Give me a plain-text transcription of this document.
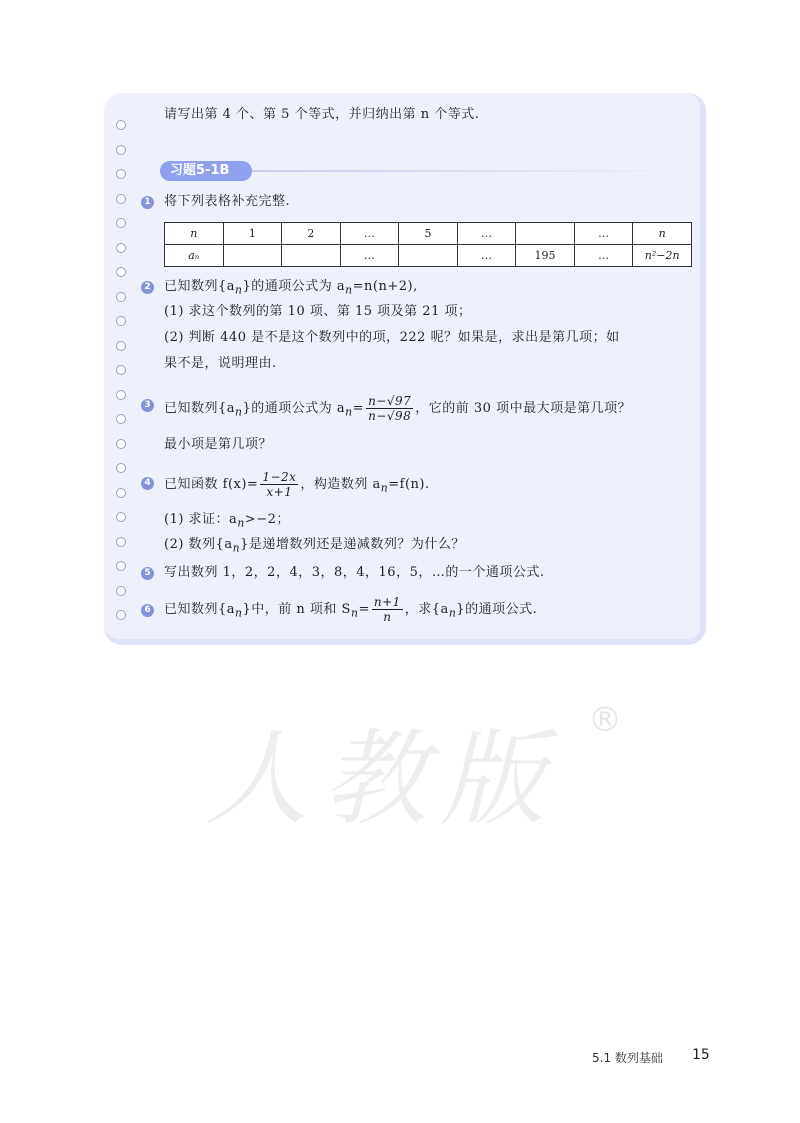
请写出第 4 个、第 5 个等式，并归纳出第 n 个等式.
习题5-1B
1 将下列表格补充完整.
n	1	2	…	5	…		…	n
aₙ			…		…	195	…	n²−2n
2 已知数列$\{a_n\}$的通项公式为 $a_n=n(n+2)$,
(1) 求这个数列的第 10 项、第 15 项及第 21 项；
(2) 判断 440 是不是这个数列中的项，222 呢？如果是，求出是第几项；如
果不是，说明理由.
3 已知数列$\{a_n\}$的通项公式为 $a_n= \frac{n-√97}{n-√98}$ ，它的前 30 项中最大项是第几项？
最小项是第几项？
4 已知函数 $f(x)= \frac{1-2x}{x+1}$ ，构造数列 $a_n=f(n)$.
(1) 求证：$a_n>-2$；
(2) 数列$\{a_n\}$是递增数列还是递减数列？为什么？
5 写出数列 1，2，2，4，3，8，4，16，5，…的一个通项公式.
6 已知数列$\{a_n\}$中，前 n 项和 $S_n= \frac{n+1}{n}$ ，求$\{a_n\}$的通项公式.
人教版 ®
5.1 数列基础 15
